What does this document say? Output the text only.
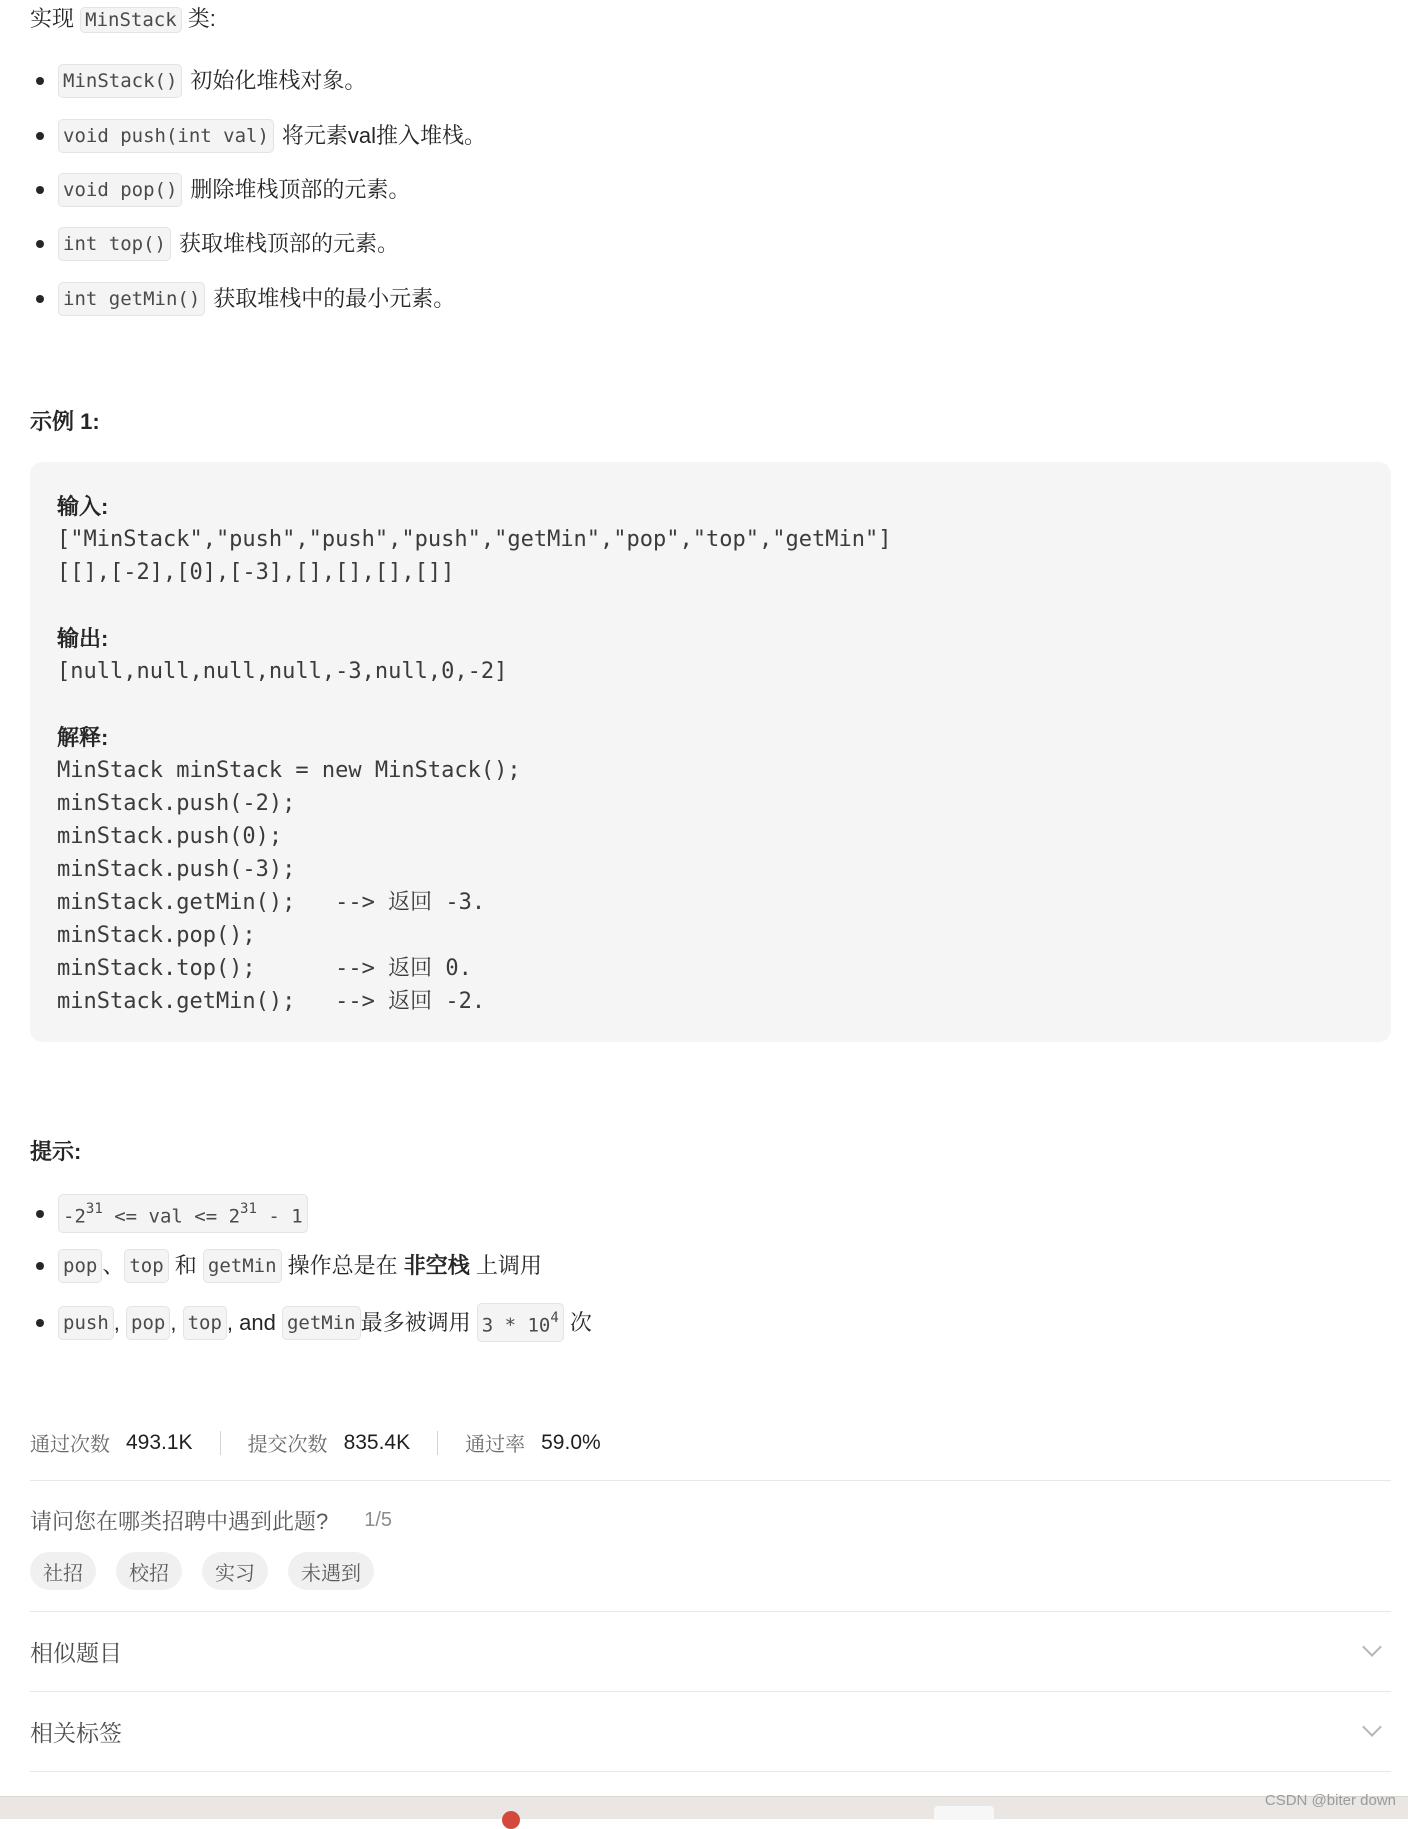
实现 MinStack 类:
MinStack() 初始化堆栈对象。
void push(int val) 将元素val推入堆栈。
void pop() 删除堆栈顶部的元素。
int top() 获取堆栈顶部的元素。
int getMin() 获取堆栈中的最小元素。
示例 1:
输入:
["MinStack","push","push","push","getMin","pop","top","getMin"]
[[],[-2],[0],[-3],[],[],[],[]]
输出:
[null,null,null,null,-3,null,0,-2]
解释:
MinStack minStack = new MinStack();
minStack.push(-2);
minStack.push(0);
minStack.push(-3);
minStack.getMin();   --> 返回 -3.
minStack.pop();
minStack.top();      --> 返回 0.
minStack.getMin();   --> 返回 -2.
提示:
$-2^{31}$ <= val <= $2^{31} - 1$
pop 、 top 和 getMin 操作总是在 非空栈 上调用
push , pop , top , and getMin 最多被调用 $3 * 10^4$ 次
通过次数 493.1K	提交次数 835.4K	通过率 59.0%
请问您在哪类招聘中遇到此题? 1/5
社招	校招	实习	未遇到
相似题目
相关标签
CSDN @biter down
